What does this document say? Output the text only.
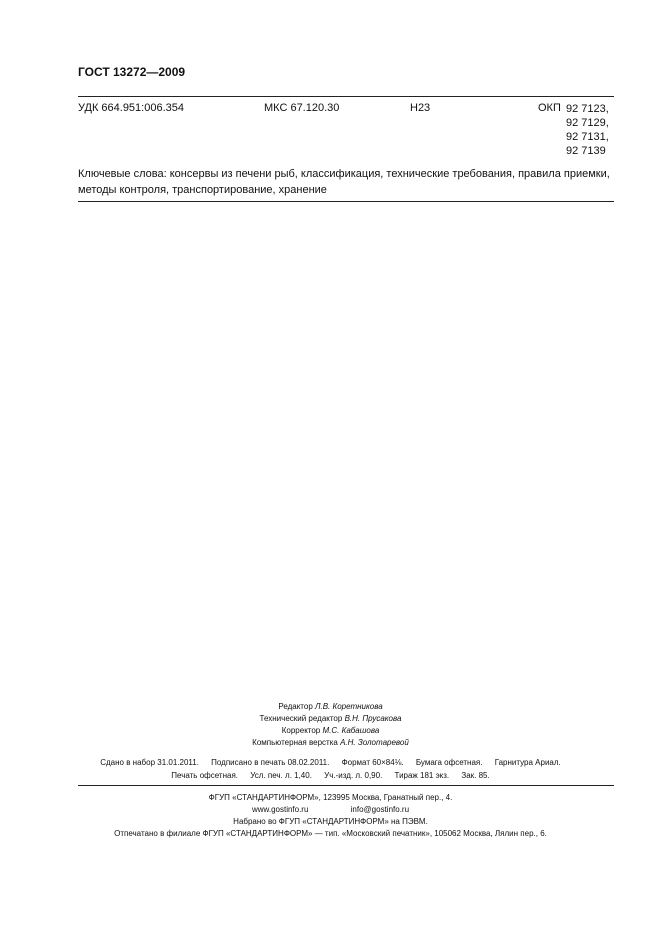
ГОСТ 13272—2009
УДК 664.951:006.354	МКС 67.120.30	Н23	ОКП 92 7123,
92 7129,
92 7131,
92 7139
Ключевые слова: консервы из печени рыб, классификация, технические требования, правила приемки, методы контроля, транспортирование, хранение
Редактор Л.В. Коретникова
Технический редактор В.Н. Прусакова
Корректор М.С. Кабашова
Компьютерная верстка А.Н. Золотаревой
Сдано в набор 31.01.2011. Подписано в печать 08.02.2011. Формат 60×84⅛. Бумага офсетная. Гарнитура Ариал.
Печать офсетная. Усл. печ. л. 1,40. Уч.-изд. л. 0,90. Тираж 181 экз. Зак. 85.
ФГУП «СТАНДАРТИНФОРМ», 123995 Москва, Гранатный пер., 4.
www.gostinfo.ru	info@gostinfo.ru
Набрано во ФГУП «СТАНДАРТИНФОРМ» на ПЭВМ.
Отпечатано в филиале ФГУП «СТАНДАРТИНФОРМ» — тип. «Московский печатник», 105062 Москва, Лялин пер., 6.
